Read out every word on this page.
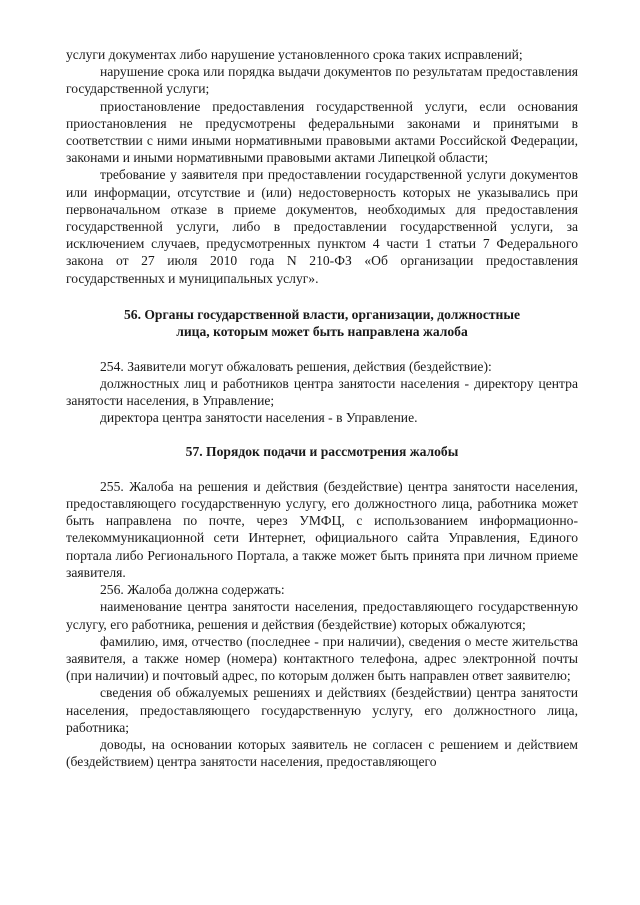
услуги документах либо нарушение установленного срока таких исправлений;

нарушение срока или порядка выдачи документов по результатам предоставления государственной услуги;

приостановление предоставления государственной услуги, если основания приостановления не предусмотрены федеральными законами и принятыми в соответствии с ними иными нормативными правовыми актами Российской Федерации, законами и иными нормативными правовыми актами Липецкой области;

требование у заявителя при предоставлении государственной услуги документов или информации, отсутствие и (или) недостоверность которых не указывались при первоначальном отказе в приеме документов, необходимых для предоставления государственной услуги, либо в предоставлении государственной услуги, за исключением случаев, предусмотренных пунктом 4 части 1 статьи 7 Федерального закона от 27 июля 2010 года N 210-ФЗ «Об организации предоставления государственных и муниципальных услуг».

56. Органы государственной власти, организации, должностные
лица, которым может быть направлена жалоба

254. Заявители могут обжаловать решения, действия (бездействие):

должностных лиц и работников центра занятости населения - директору центра занятости населения, в Управление;

директора центра занятости населения - в Управление.

57. Порядок подачи и рассмотрения жалобы

255. Жалоба на решения и действия (бездействие) центра занятости населения, предоставляющего государственную услугу, его должностного лица, работника может быть направлена по почте, через УМФЦ, с использованием информационно-телекоммуникационной сети Интернет, официального сайта Управления, Единого портала либо Регионального Портала, а также может быть принята при личном приеме заявителя.

256. Жалоба должна содержать:

наименование центра занятости населения, предоставляющего государственную услугу, его работника, решения и действия (бездействие) которых обжалуются;

фамилию, имя, отчество (последнее - при наличии), сведения о месте жительства заявителя, а также номер (номера) контактного телефона, адрес электронной почты (при наличии) и почтовый адрес, по которым должен быть направлен ответ заявителю;

сведения об обжалуемых решениях и действиях (бездействии) центра занятости населения, предоставляющего государственную услугу, его должностного лица, работника;

доводы, на основании которых заявитель не согласен с решением и действием (бездействием) центра занятости населения, предоставляющего
